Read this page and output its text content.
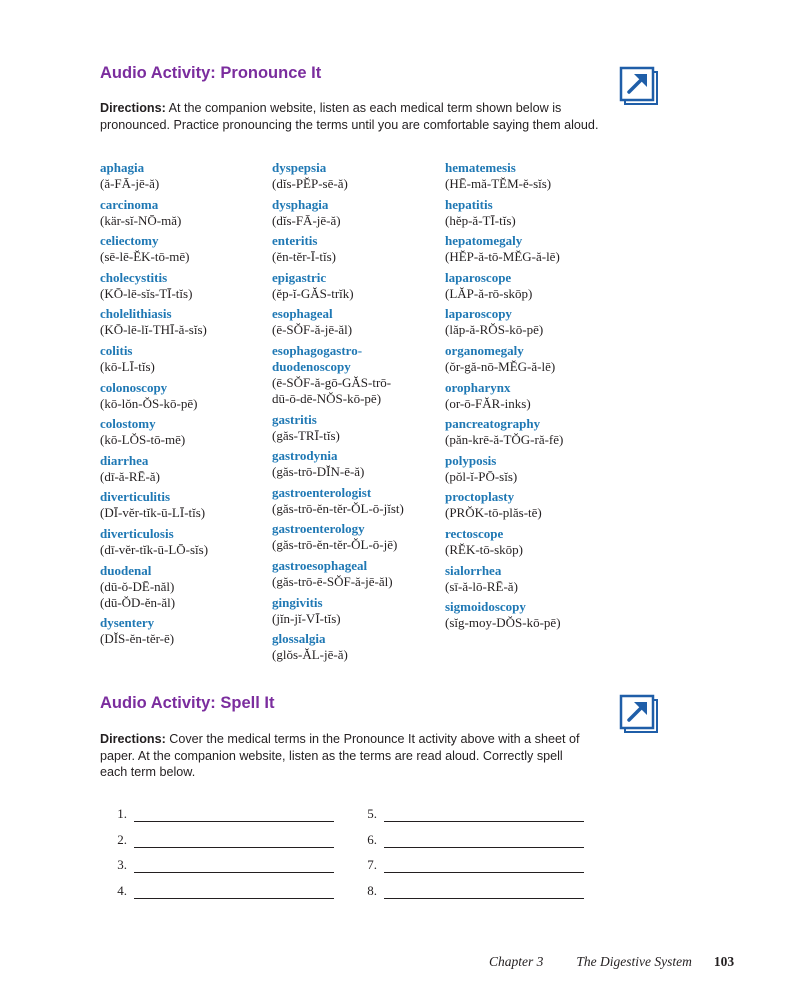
Audio Activity: Pronounce It

Directions: At the companion website, listen as each medical term shown below is pronounced. Practice pronouncing the terms until you are comfortable saying them aloud.

aphagia
(ă-FĀ-jē-ă)
carcinoma
(kär-sĭ-NŌ-mă)
celiectomy
(sē-lē-ĔK-tō-mē)
cholecystitis
(KŌ-lē-sĭs-TĪ-tĭs)
cholelithiasis
(KŌ-lē-lĭ-THĪ-ă-sĭs)
colitis
(kō-LĪ-tĭs)
colonoscopy
(kō-lŏn-ŎS-kō-pē)
colostomy
(kō-LŎS-tō-mē)
diarrhea
(dī-ă-RĒ-ă)
diverticulitis
(DĪ-vĕr-tĭk-ū-LĪ-tĭs)
diverticulosis
(dī-vĕr-tĭk-ū-LŌ-sĭs)
duodenal
(dū-ŏ-DĒ-năl)
(dū-ŎD-ĕn-ăl)
dysentery
(DĬS-ĕn-tĕr-ē)
dyspepsia
(dĭs-PĔP-sē-ă)
dysphagia
(dĭs-FĀ-jē-ă)
enteritis
(ĕn-tĕr-Ī-tĭs)
epigastric
(ĕp-ĭ-GĂS-trĭk)
esophageal
(ē-SŎF-ă-jē-ăl)
esophagogastro-
duodenoscopy
(ē-SŎF-ă-gō-GĂS-trō-
dū-ō-dē-NŎS-kō-pē)
gastritis
(găs-TRĪ-tĭs)
gastrodynia
(găs-trō-DĬN-ē-ă)
gastroenterologist
(găs-trō-ĕn-tĕr-ŎL-ō-jĭst)
gastroenterology
(găs-trō-ĕn-tĕr-ŎL-ō-jē)
gastroesophageal
(găs-trō-ē-SŎF-ă-jē-ăl)
gingivitis
(jĭn-jĭ-VĪ-tĭs)
glossalgia
(glŏs-ĂL-jē-ă)
hematemesis
(HĒ-mă-TĔM-ĕ-sĭs)
hepatitis
(hĕp-ă-TĪ-tĭs)
hepatomegaly
(HĔP-ă-tō-MĔG-ă-lē)
laparoscope
(LĂP-ă-rō-skōp)
laparoscopy
(lăp-ă-RŎS-kō-pē)
organomegaly
(ŏr-gă-nō-MĔG-ă-lē)
oropharynx
(or-ō-FĂR-inks)
pancreatography
(păn-krē-ă-TŎG-ră-fē)
polyposis
(pŏl-ĭ-PŌ-sĭs)
proctoplasty
(PRŎK-tō-plăs-tē)
rectoscope
(RĔK-tō-skōp)
sialorrhea
(sī-ă-lō-RĒ-ă)
sigmoidoscopy
(sĭg-moy-DŎS-kō-pē)
Audio Activity: Spell It

Directions: Cover the medical terms in the Pronounce It activity above with a sheet of paper. At the companion website, listen as the terms are read aloud. Correctly spell each term below.

1.
2.
3.
4.
5.
6.
7.
8.
Chapter 3 The Digestive System 103
